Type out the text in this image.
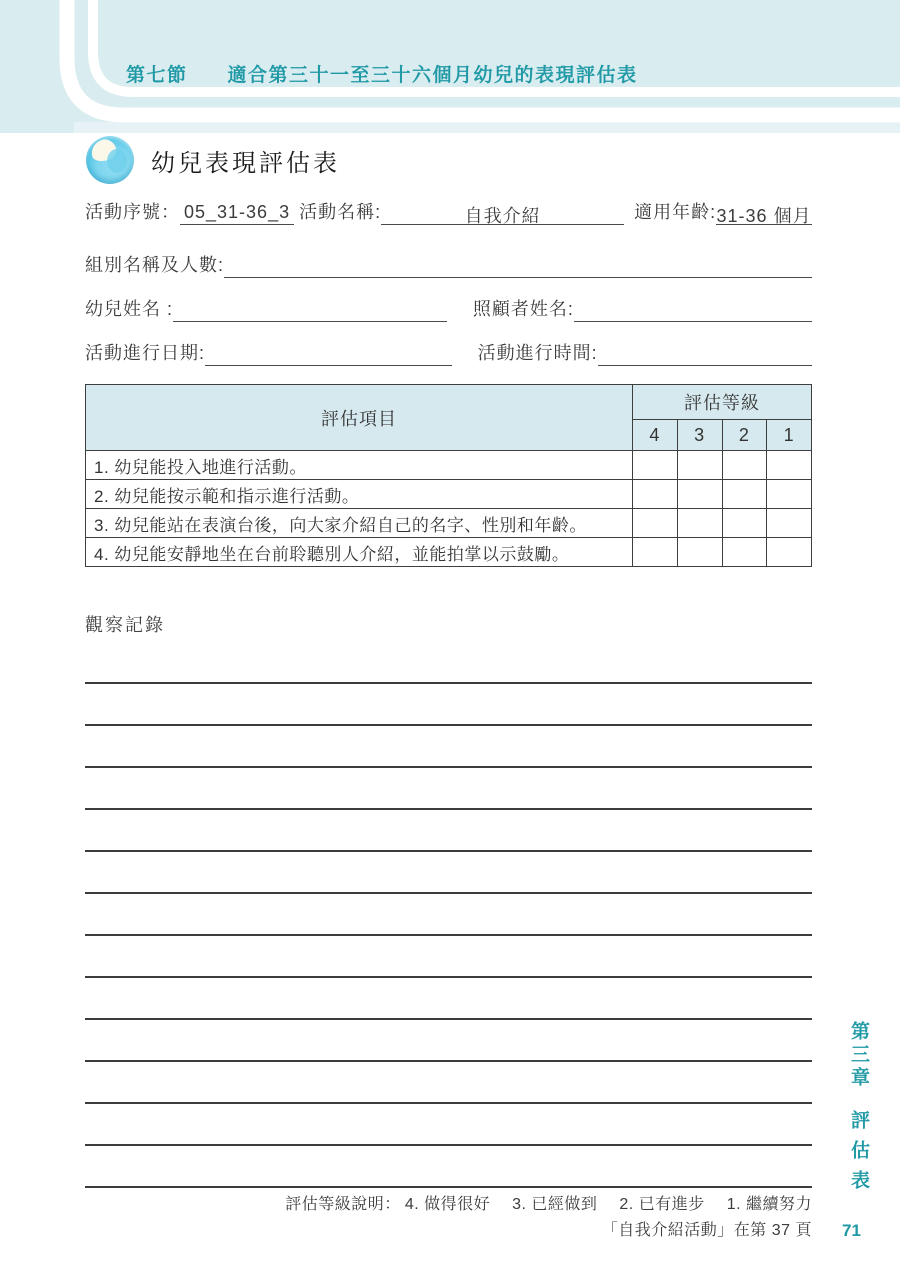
第七節 適合第三十一至三十六個月幼兒的表現評估表
幼兒表現評估表
活動序號： 05_31-36_3 活動名稱:	自我介紹	適用年齡: 31-36 個月
組別名稱及人數:
幼兒姓名 :	照顧者姓名:
活動進行日期:	活動進行時間:
評估項目	評估等級			
	4	3	2	1
1. 幼兒能投入地進行活動。				
2. 幼兒能按示範和指示進行活動。				
3. 幼兒能站在表演台後，向大家介紹自己的名字、性別和年齡。				
4. 幼兒能安靜地坐在台前聆聽別人介紹，並能拍掌以示鼓勵。				
觀察記錄
評估等級說明： 4. 做得很好 3. 已經做到 2. 已有進步 1. 繼續努力
「自我介紹活動」在第 37 頁 71
第三章
評估表
